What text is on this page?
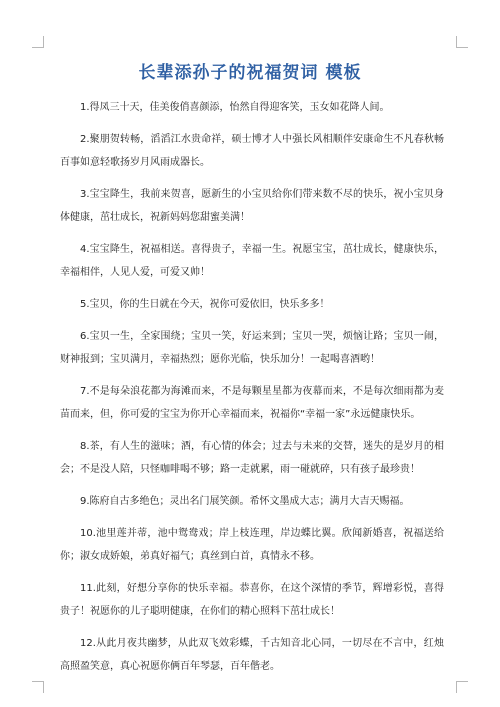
长辈添孙子的祝福贺词 模板

1.得凤三十天，佳美俊俏喜颜添，怡然自得迎客笑，玉女如花降人间。

2.聚朋贺转畅，滔滔江水贵命祥，硕士博才人中强长风相顺伴安康命生不凡春秋畅百事如意轻歌扬岁月风雨成器长。

3.宝宝降生，我前来贺喜，愿新生的小宝贝给你们带来数不尽的快乐，祝小宝贝身体健康，茁壮成长，祝新妈妈您甜蜜美满！

4.宝宝降生，祝福相送。喜得贵子，幸福一生。祝愿宝宝，茁壮成长，健康快乐，幸福相伴，人见人爱，可爱又帅！

5.宝贝，你的生日就在今天，祝你可爱依旧，快乐多多！

6.宝贝一生，全家围绕；宝贝一笑，好运来到；宝贝一哭，烦恼让路；宝贝一闹，财神报到；宝贝满月，幸福热烈；愿你光临，快乐加分！一起喝喜酒哟！

7.不是每朵浪花都为海滩而来，不是每颗星星都为夜幕而来，不是每次细雨都为麦苗而来，但，你可爱的宝宝为你开心幸福而来，祝福你“幸福一家”永远健康快乐。

8.茶，有人生的滋味；酒，有心情的体会；过去与未来的交替，迷失的是岁月的相会；不是没人陪，只怪咖啡喝不够；路一走就累，雨一碰就碎，只有孩子最珍贵！

9.陈府自古多绝色；灵出名门展笑颜。希怀文墨成大志；满月大吉天赐福。

10.池里莲并蒂，池中鸳鸯戏；岸上枝连理，岸边蝶比翼。欣闻新婚喜，祝福送给你；淑女成娇娘，弟真好福气；真丝到白首，真情永不移。

11.此刻，好想分享你的快乐幸福。恭喜你，在这个深情的季节，辉增彩悦，喜得贵子！祝愿你的儿子聪明健康，在你们的精心照料下茁壮成长！

12.从此月夜共幽梦，从此双飞效彩蝶，千古知音北心同，一切尽在不言中，红烛高照盈笑意，真心祝愿你俩百年琴瑟，百年偕老。
